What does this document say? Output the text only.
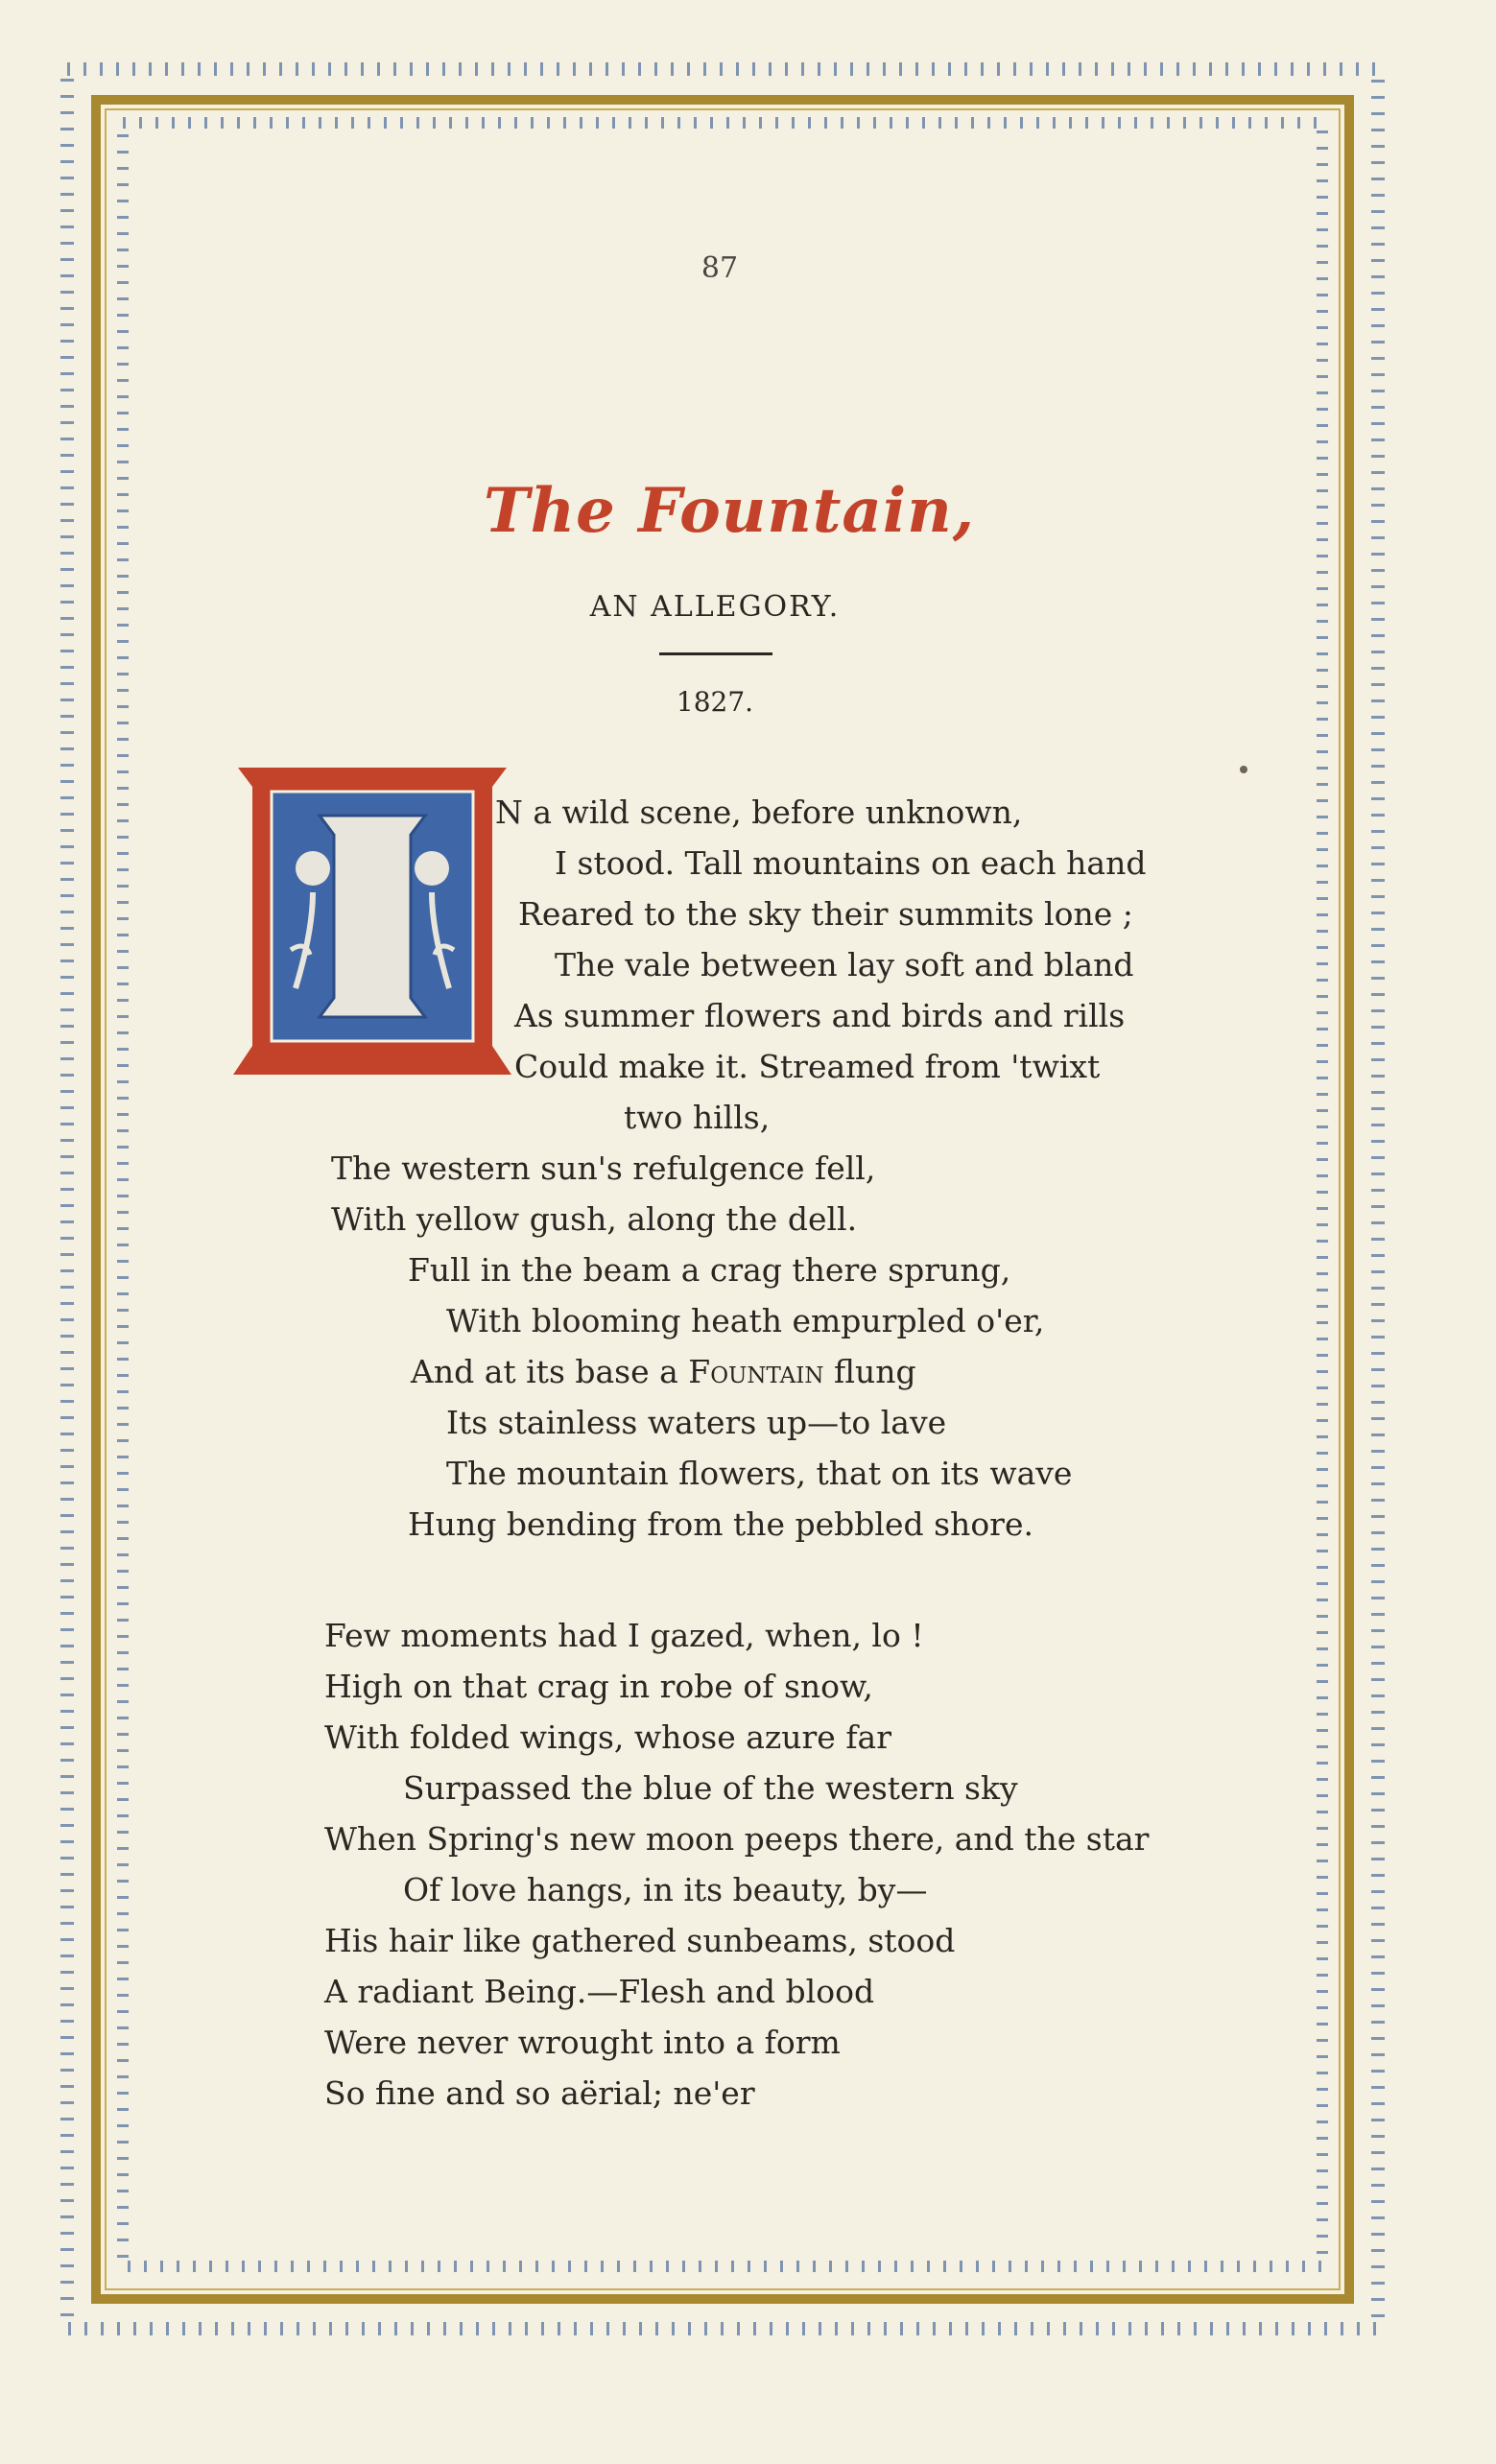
87
The Fountain,
AN ALLEGORY.
1827.
N a wild scene, before unknown,
I stood. Tall mountains on each hand
Reared to the sky their summits lone ;
The vale between lay soft and bland
As summer flowers and birds and rills
Could make it. Streamed from 'twixt
two hills,
The western sun's refulgence fell,
With yellow gush, along the dell.
Full in the beam a crag there sprung,
With blooming heath empurpled o'er,
And at its base a Fountain flung
Its stainless waters up—to lave
The mountain flowers, that on its wave
Hung bending from the pebbled shore.
Few moments had I gazed, when, lo !
High on that crag in robe of snow,
With folded wings, whose azure far
Surpassed the blue of the western sky
When Spring's new moon peeps there, and the star
Of love hangs, in its beauty, by—
His hair like gathered sunbeams, stood
A radiant Being.—Flesh and blood
Were never wrought into a form
So fine and so aërial; ne'er
